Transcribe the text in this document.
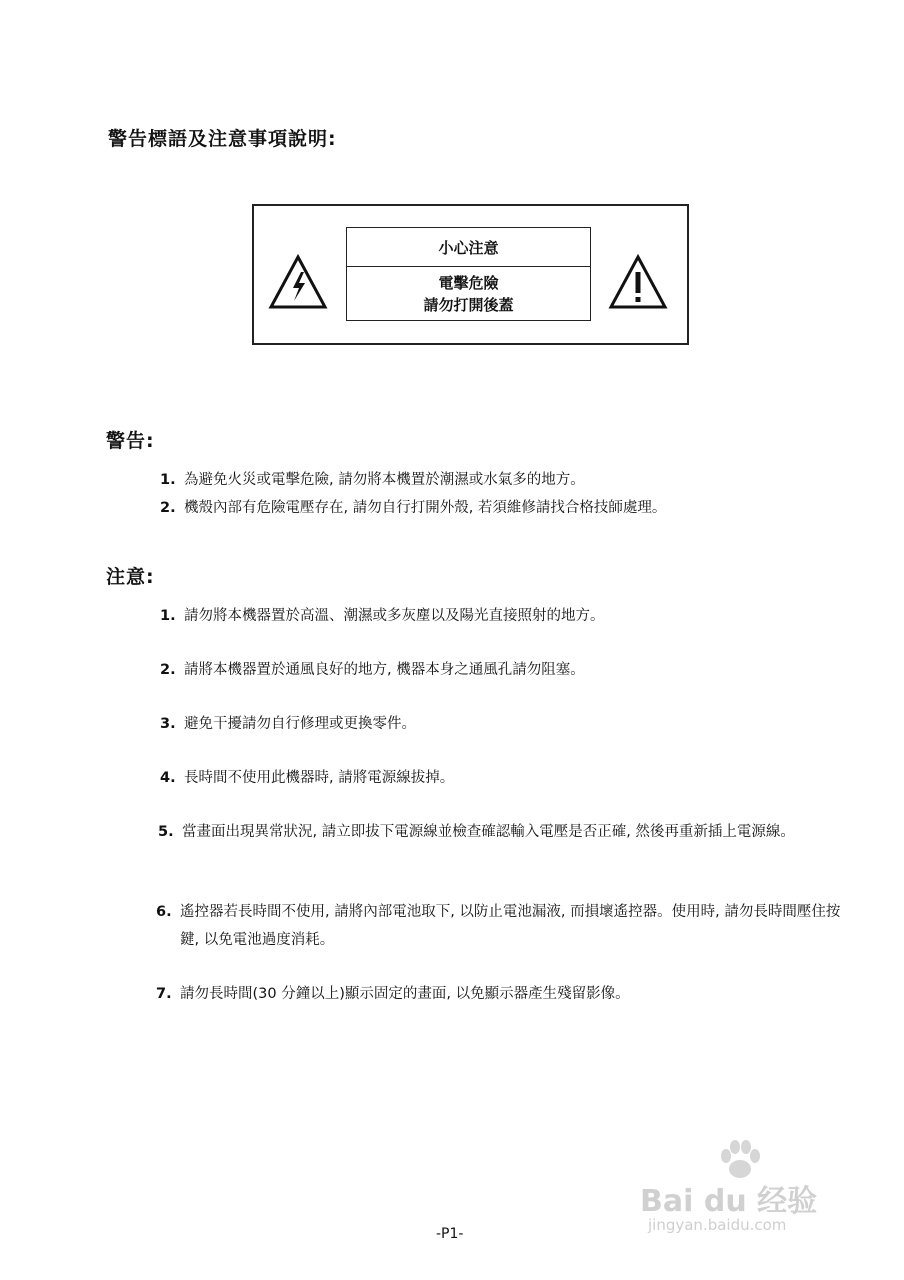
警告標語及注意事項說明:
小心注意
電擊危險
請勿打開後蓋
警告:
1. 為避免火災或電擊危險, 請勿將本機置於潮濕或水氣多的地方。
2. 機殼內部有危險電壓存在, 請勿自行打開外殼, 若須維修請找合格技師處理。
注意:
1. 請勿將本機器置於高溫、潮濕或多灰塵以及陽光直接照射的地方。
2. 請將本機器置於通風良好的地方, 機器本身之通風孔請勿阻塞。
3. 避免干擾請勿自行修理或更換零件。
4. 長時間不使用此機器時, 請將電源線拔掉。
5. 當畫面出現異常狀況, 請立即拔下電源線並檢查確認輸入電壓是否正確, 然後再重新插上電源線。
6. 遙控器若長時間不使用, 請將內部電池取下, 以防止電池漏液, 而損壞遙控器。使用時, 請勿長時間壓住按鍵, 以免電池過度消耗。
7. 請勿長時間(30 分鐘以上)顯示固定的畫面, 以免顯示器產生殘留影像。
-P1-
Bai du 经验
jingyan.baidu.com
